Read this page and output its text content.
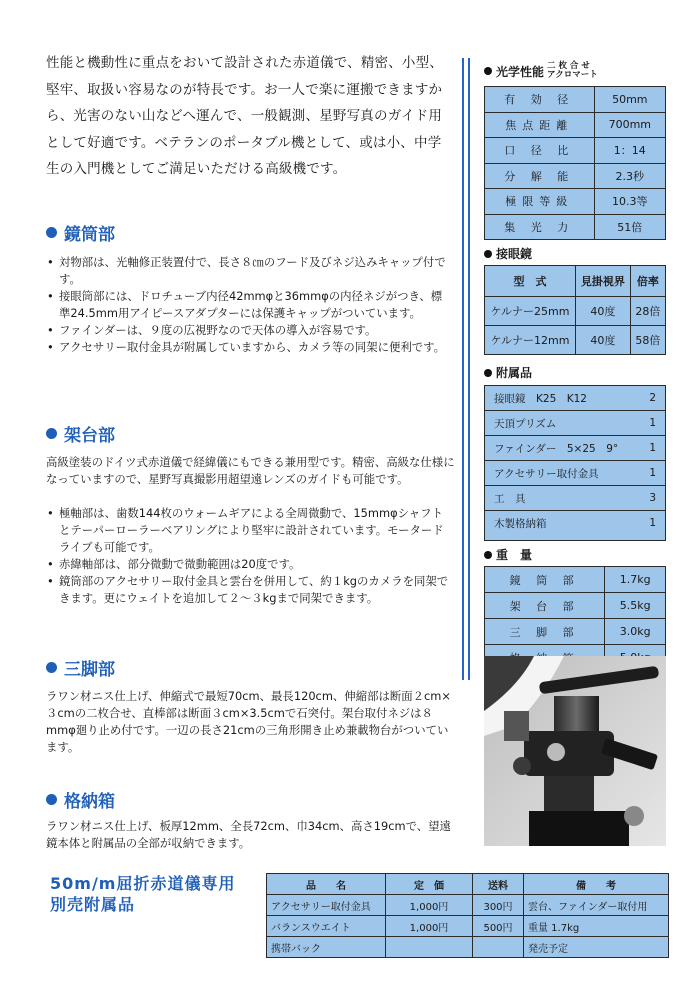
性能と機動性に重点をおいて設計された赤道儀で、精密、小型、堅牢、取扱い容易なのが特長です。お一人で楽に運搬できますから、光害のない山などへ運んで、一般観測、星野写真のガイド用として好適です。ベテランのポータブル機として、或は小、中学生の入門機としてご満足いただける高級機です。
鏡筒部
• 対物部は、光軸修正装置付で、長さ８㎝のフード及びネジ込みキャップ付です。
• 接眼筒部には、ドロチューブ内径42mmφと36mmφの内径ネジがつき、標準24.5mm用アイピースアダプターには保護キャップがついています。
• ファインダーは、９度の広視野なので天体の導入が容易です。
• アクセサリー取付金具が附属していますから、カメラ等の同架に便利です。
架台部
高級塗装のドイツ式赤道儀で経緯儀にもできる兼用型です。精密、高級な仕様になっていますので、星野写真撮影用超望遠レンズのガイドも可能です。
• 極軸部は、歯数144枚のウォームギアによる全周微動で、15mmφシャフトとテーパーローラーベアリングにより堅牢に設計されています。モータードライブも可能です。
• 赤緯軸部は、部分微動で微動範囲は20度です。
• 鏡筒部のアクセサリー取付金具と雲台を併用して、約１kgのカメラを同架できます。更にウェイトを追加して２～３kgまで同架できます。
三脚部
ラワン材ニス仕上げ、伸縮式で最短70cm、最長120cm、伸縮部は断面２cm×３cmの二枚合せ、直棒部は断面３cm×3.5cmで石突付。架台取付ネジは８mmφ廻り止め付です。一辺の長さ21cmの三角形開き止め兼載物台がついています。
格納箱
ラワン材ニス仕上げ、板厚12mm、全長72cm、巾34cm、高さ19cmで、望遠鏡本体と附属品の全部が収納できます。
光学性能 二 枚 合 せ
アクロマート
有 効 径	50mm
焦点距離	700mm
口 径 比	1：14
分 解 能	2.3秒
極限等級	10.3等
集 光 力	51倍
接眼鏡
型　式	見掛視界	倍率
ケルナー25mm	40度	28倍
ケルナー12mm	40度	58倍
附属品
接眼鏡　K25　K12	2
天頂プリズム	1
ファインダー　5×25　9°	1
アクセサリー取付金具	1
工　具	3
木製格納箱	1
重　量
鏡 筒 部	1.7kg
架 台 部	5.5kg
三 脚 部	3.0kg

50m/m屈折赤道儀専用
別売附属品
品　　名	定　価	送料	備　　考
アクセサリー取付金具	1,000円	300円	雲台、ファインダー取付用
バランスウエイト	1,000円	500円	重量 1.7kg
携帯バック			発売予定
